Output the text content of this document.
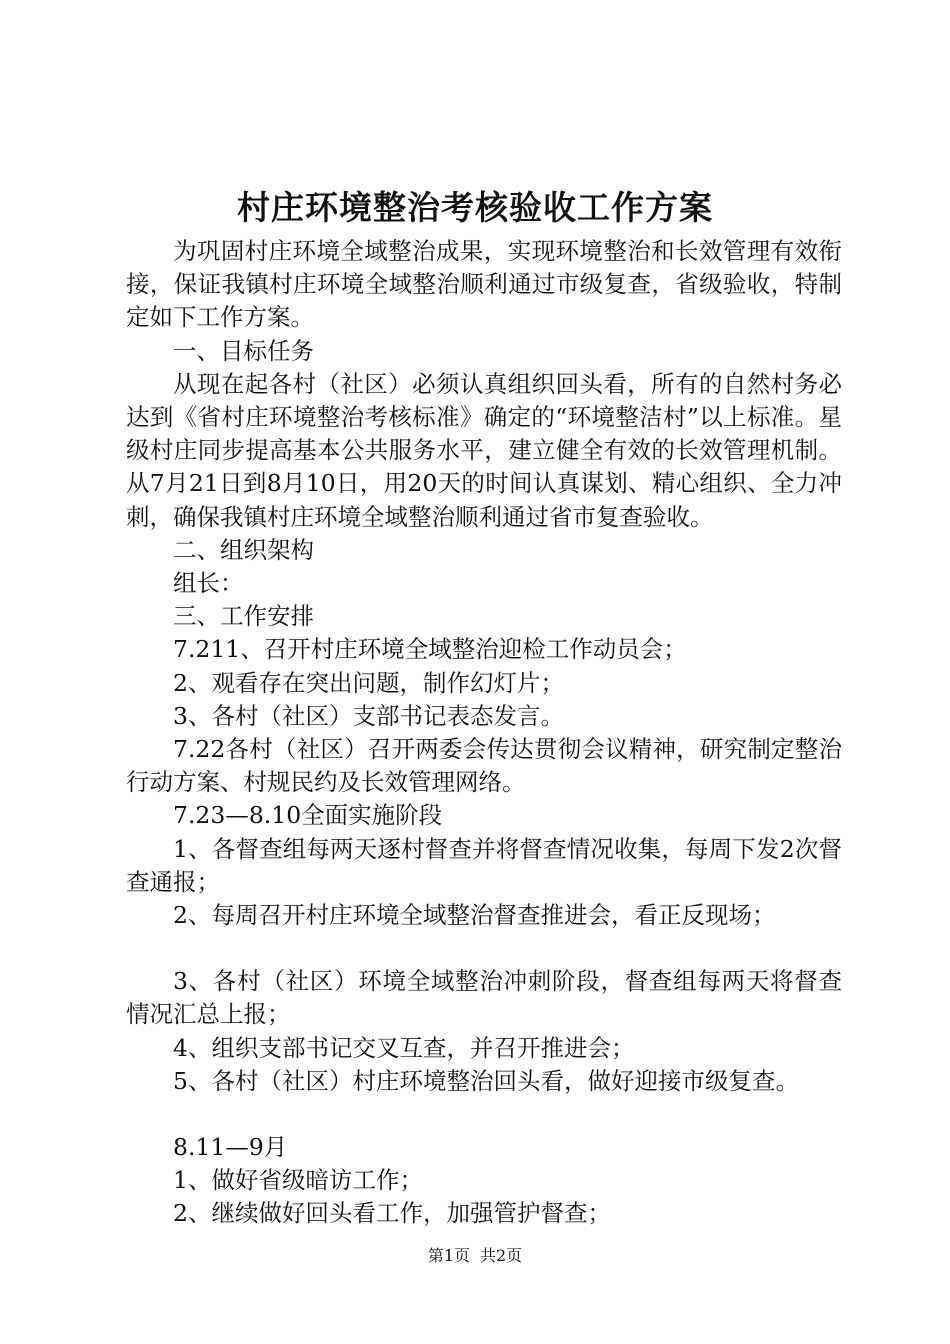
村庄环境整治考核验收工作方案

为巩固村庄环境全域整治成果，实现环境整治和长效管理有效衔接，保证我镇村庄环境全域整治顺利通过市级复查，省级验收，特制定如下工作方案。

一、目标任务

从现在起各村（社区）必须认真组织回头看，所有的自然村务必达到《省村庄环境整治考核标准》确定的“环境整洁村”以上标准。星级村庄同步提高基本公共服务水平，建立健全有效的长效管理机制。从7月21日到8月10日，用20天的时间认真谋划、精心组织、全力冲刺，确保我镇村庄环境全域整治顺利通过省市复查验收。

二、组织架构

组长：

三、工作安排

7.211、召开村庄环境全域整治迎检工作动员会；

2、观看存在突出问题，制作幻灯片；

3、各村（社区）支部书记表态发言。

7.22各村（社区）召开两委会传达贯彻会议精神，研究制定整治行动方案、村规民约及长效管理网络。

7.23—8.10全面实施阶段

1、各督查组每两天逐村督查并将督查情况收集，每周下发2次督查通报；

2、每周召开村庄环境全域整治督查推进会，看正反现场；

3、各村（社区）环境全域整治冲刺阶段，督查组每两天将督查情况汇总上报；

4、组织支部书记交叉互查，并召开推进会；

5、各村（社区）村庄环境整治回头看，做好迎接市级复查。

8.11—9月

1、做好省级暗访工作；

2、继续做好回头看工作，加强管护督查；

第1页 共2页
